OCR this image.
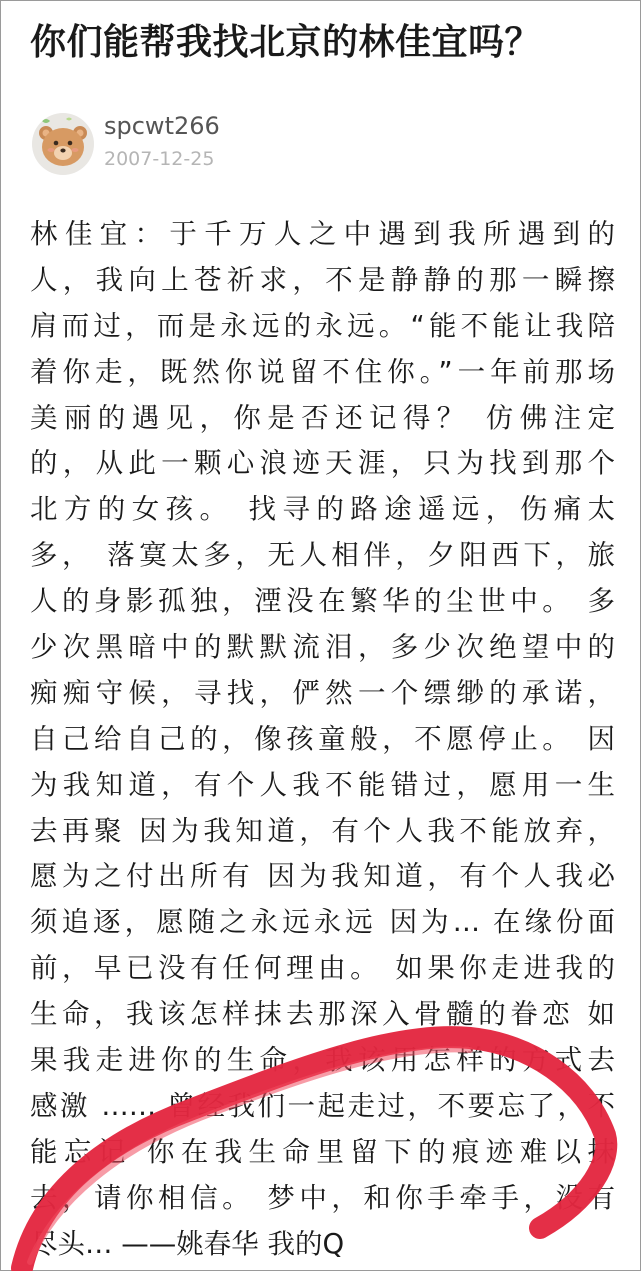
你们能帮我找北京的林佳宜吗？
spcwt266
2007-12-25
林佳宜：于千万人之中遇到我所遇到的
人，我向上苍祈求，不是静静的那一瞬擦
肩而过，而是永远的永远。“能不能让我陪
着你走，既然你说留不住你。”一年前那场
美丽的遇见，你是否还记得？ 仿佛注定
的，从此一颗心浪迹天涯，只为找到那个
北方的女孩。 找寻的路途遥远，伤痛太
多， 落寞太多，无人相伴，夕阳西下，旅
人的身影孤独，湮没在繁华的尘世中。 多
少次黑暗中的默默流泪，多少次绝望中的
痴痴守候，寻找，俨然一个缥缈的承诺，
自己给自己的，像孩童般，不愿停止。 因
为我知道，有个人我不能错过，愿用一生
去再聚 因为我知道，有个人我不能放弃，
愿为之付出所有 因为我知道，有个人我必
须追逐，愿随之永远永远 因为… 在缘份面
前，早已没有任何理由。 如果你走进我的
生命，我该怎样抹去那深入骨髓的眷恋 如
果我走进你的生命，我该用怎样的方式去
感激 …… 曾经我们一起走过，不要忘了，不
能忘记 你在我生命里留下的痕迹难以抹
去，请你相信。 梦中，和你手牵手，没有
尽头… ——姚春华 我的Q
